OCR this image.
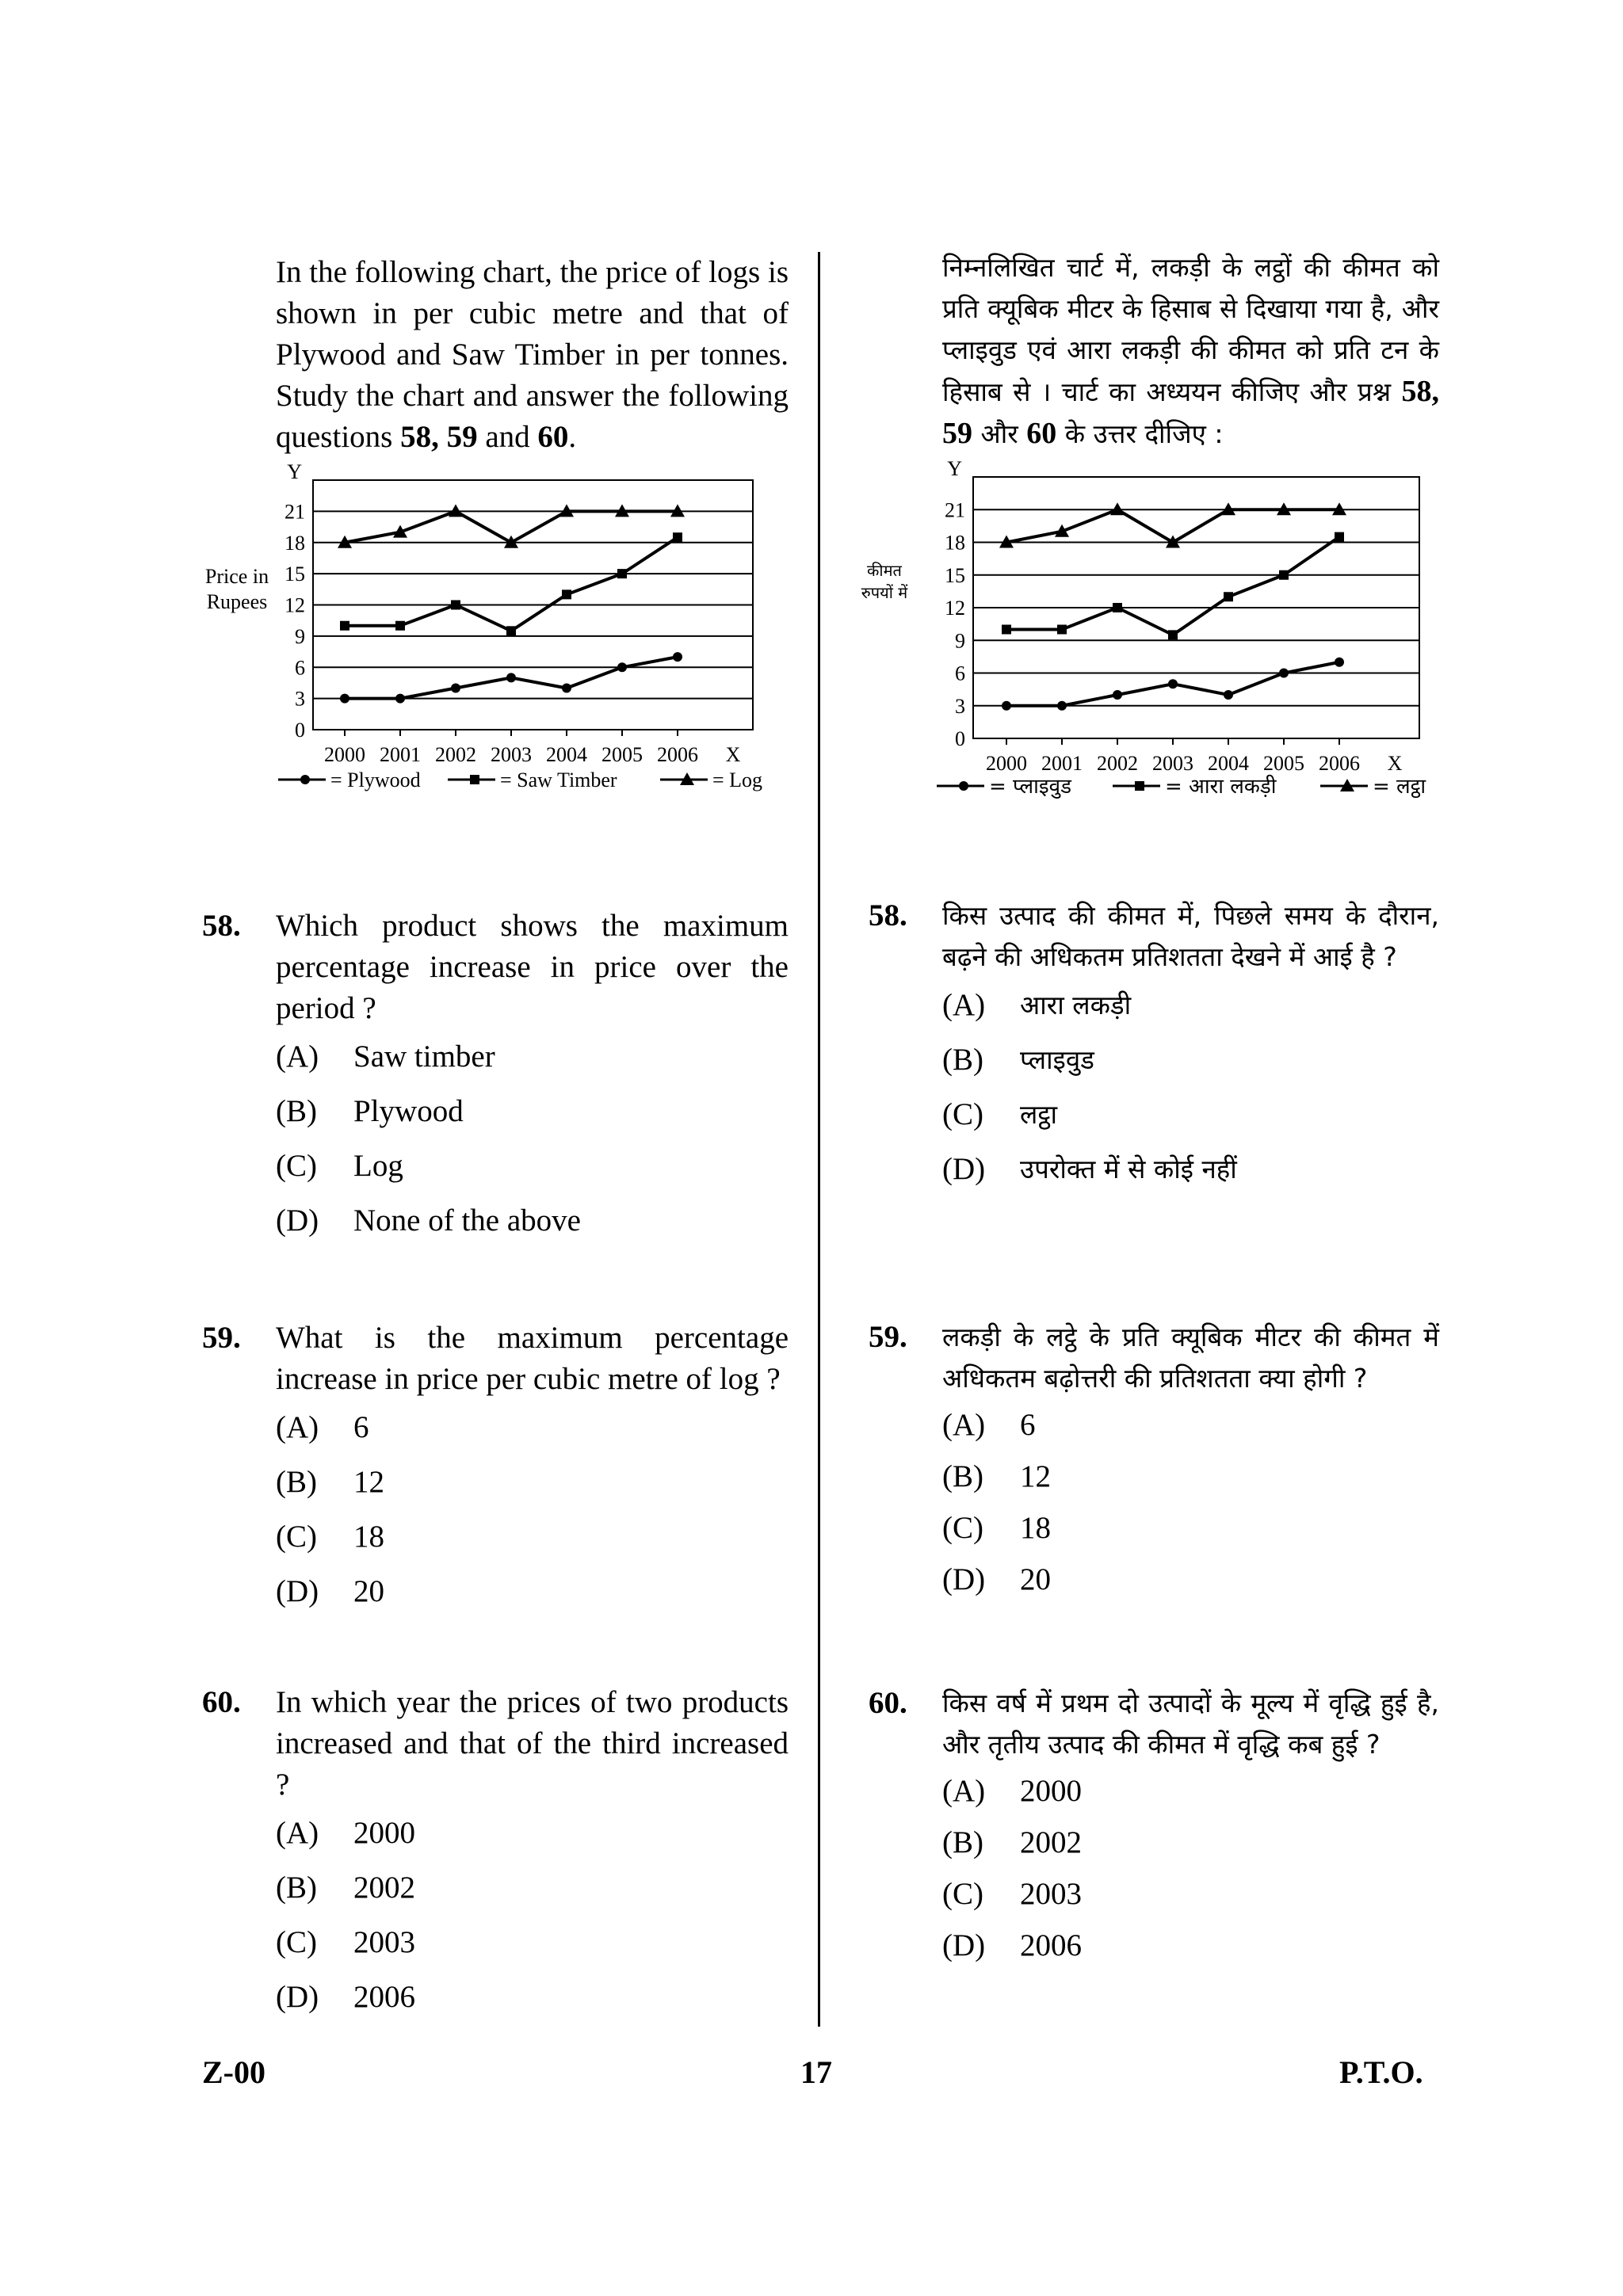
In the following chart, the price of logs is shown in per cubic metre and that of Plywood and Saw Timber in per tonnes. Study the chart and answer the following questions 58, 59 and 60.
0
3
6
9
12
15
18
21
Y
2000 2001 2002 2003 2004 2005 2006 X
Price in
Rupees
= Plywood	= Saw Timber	= Log
58.	Which product shows the maximum percentage increase in price over the period ?
(A)	Saw timber
(B)	Plywood
(C)	Log
(D)	None of the above
59.	What is the maximum percentage increase in price per cubic metre of log ?
(A)	6
(B)	12
(C)	18
(D)	20
60.	In which year the prices of two products increased and that of the third increased ?
(A)	2000
(B)	2002
(C)	2003
(D)	2006
निम्नलिखित चार्ट में, लकड़ी के लट्ठों की कीमत को प्रति क्यूबिक मीटर के हिसाब से दिखाया गया है, और प्लाइवुड एवं आरा लकड़ी की कीमत को प्रति टन के हिसाब से । चार्ट का अध्ययन कीजिए और प्रश्न 58, 59 और 60 के उत्तर दीजिए :
0
3
6
9
12
15
18
21
Y
2000 2001 2002 2003 2004 2005 2006 X
कीमत
रुपयों में
= प्लाइवुड	= आरा लकड़ी	= लट्ठा
58.	किस उत्पाद की कीमत में, पिछले समय के दौरान, बढ़ने की अधिकतम प्रतिशतता देखने में आई है ?
(A)	आरा लकड़ी
(B)	प्लाइवुड
(C)	लट्ठा
(D)	उपरोक्त में से कोई नहीं
59.	लकड़ी के लट्ठे के प्रति क्यूबिक मीटर की कीमत में अधिकतम बढ़ोत्तरी की प्रतिशतता क्या होगी ?
(A)	6
(B)	12
(C)	18
(D)	20
60.	किस वर्ष में प्रथम दो उत्पादों के मूल्य में वृद्धि हुई है, और तृतीय उत्पाद की कीमत में वृद्धि कब हुई ?
(A)	2000
(B)	2002
(C)	2003
(D)	2006
Z-00	17	P.T.O.
